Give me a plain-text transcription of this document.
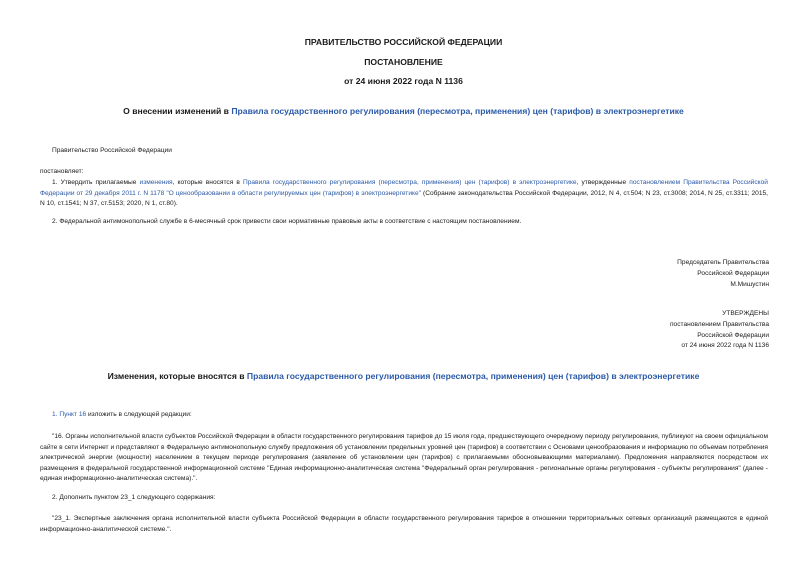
ПРАВИТЕЛЬСТВО РОССИЙСКОЙ ФЕДЕРАЦИИ
ПОСТАНОВЛЕНИЕ
от 24 июня 2022 года N 1136
О внесении изменений в Правила государственного регулирования (пересмотра, применения) цен (тарифов) в электроэнергетике
Правительство Российской Федерации
постановляет:
1. Утвердить прилагаемые изменения, которые вносятся в Правила государственного регулирования (пересмотра, применения) цен (тарифов) в электроэнергетике, утвержденные постановлением Правительства Российской Федерации от 29 декабря 2011 г. N 1178 "О ценообразовании в области регулируемых цен (тарифов) в электроэнергетике" (Собрание законодательства Российской Федерации, 2012, N 4, ст.504; N 23, ст.3008; 2014, N 25, ст.3311; 2015, N 10, ст.1541; N 37, ст.5153; 2020, N 1, ст.80).
2. Федеральной антимонопольной службе в 6-месячный срок привести свои нормативные правовые акты в соответствие с настоящим постановлением.
Председатель Правительства
Российской Федерации
М.Мишустин
УТВЕРЖДЕНЫ
постановлением Правительства
Российской Федерации
от 24 июня 2022 года N 1136
Изменения, которые вносятся в Правила государственного регулирования (пересмотра, применения) цен (тарифов) в электроэнергетике
1. Пункт 16 изложить в следующей редакции:
"16. Органы исполнительной власти субъектов Российской Федерации в области государственного регулирования тарифов до 15 июля года, предшествующего очередному периоду регулирования, публикуют на своем официальном сайте в сети Интернет и представляют в Федеральную антимонопольную службу предложения об установлении предельных уровней цен (тарифов) в соответствии с Основами ценообразования и информацию по объемам потребления электрической энергии (мощности) населением в текущем периоде регулирования (заявление об установлении цен (тарифов) с прилагаемыми обосновывающими материалами). Предложения направляются посредством их размещения в федеральной государственной информационной системе "Единая информационно-аналитическая система "Федеральный орган регулирования - региональные органы регулирования - субъекты регулирования" (далее - единая информационно-аналитическая система).".
2. Дополнить пунктом 23_1 следующего содержания:
"23_1. Экспертные заключения органа исполнительной власти субъекта Российской Федерации в области государственного регулирования тарифов в отношении территориальных сетевых организаций размещаются в единой информационно-аналитической системе.".
